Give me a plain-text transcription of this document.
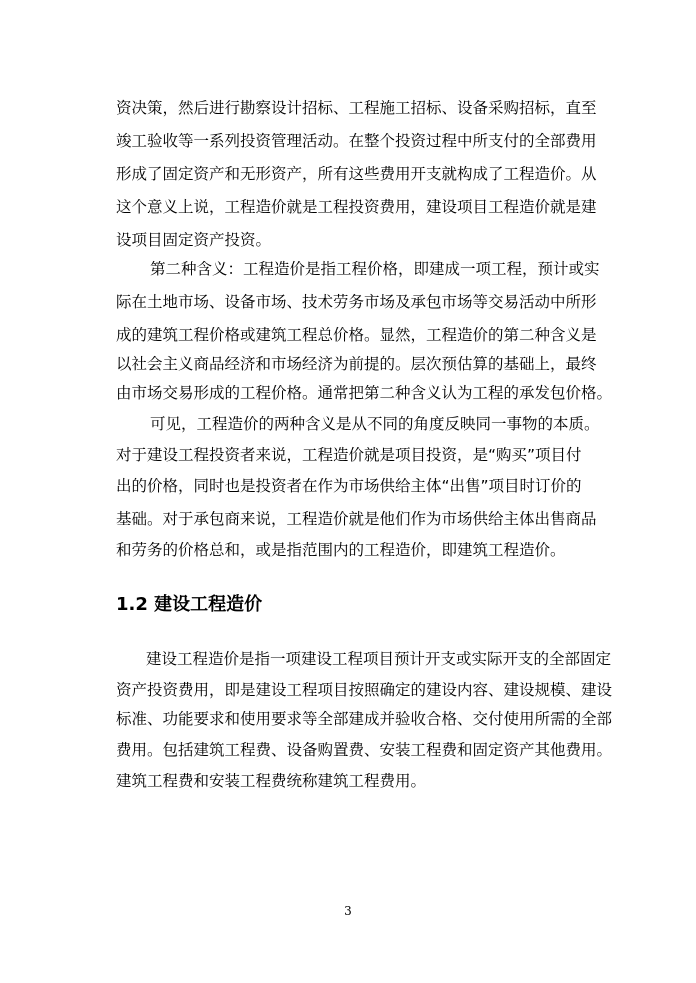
资决策，然后进行勘察设计招标、工程施工招标、设备采购招标，直至
竣工验收等一系列投资管理活动。在整个投资过程中所支付的全部费用
形成了固定资产和无形资产，所有这些费用开支就构成了工程造价。从
这个意义上说，工程造价就是工程投资费用，建设项目工程造价就是建
设项目固定资产投资。
第二种含义：工程造价是指工程价格，即建成一项工程，预计或实
际在土地市场、设备市场、技术劳务市场及承包市场等交易活动中所形
成的建筑工程价格或建筑工程总价格。显然，工程造价的第二种含义是
以社会主义商品经济和市场经济为前提的。层次预估算的基础上，最终
由市场交易形成的工程价格。通常把第二种含义认为工程的承发包价格。
可见，工程造价的两种含义是从不同的角度反映同一事物的本质。
对于建设工程投资者来说，工程造价就是项目投资，是“购买”项目付
出的价格，同时也是投资者在作为市场供给主体“出售”项目时订价的
基础。对于承包商来说，工程造价就是他们作为市场供给主体出售商品
和劳务的价格总和，或是指范围内的工程造价，即建筑工程造价。
1.2 建设工程造价
建设工程造价是指一项建设工程项目预计开支或实际开支的全部固定
资产投资费用，即是建设工程项目按照确定的建设内容、建设规模、建设
标准、功能要求和使用要求等全部建成并验收合格、交付使用所需的全部
费用。包括建筑工程费、设备购置费、安装工程费和固定资产其他费用。
建筑工程费和安装工程费统称建筑工程费用。
3
